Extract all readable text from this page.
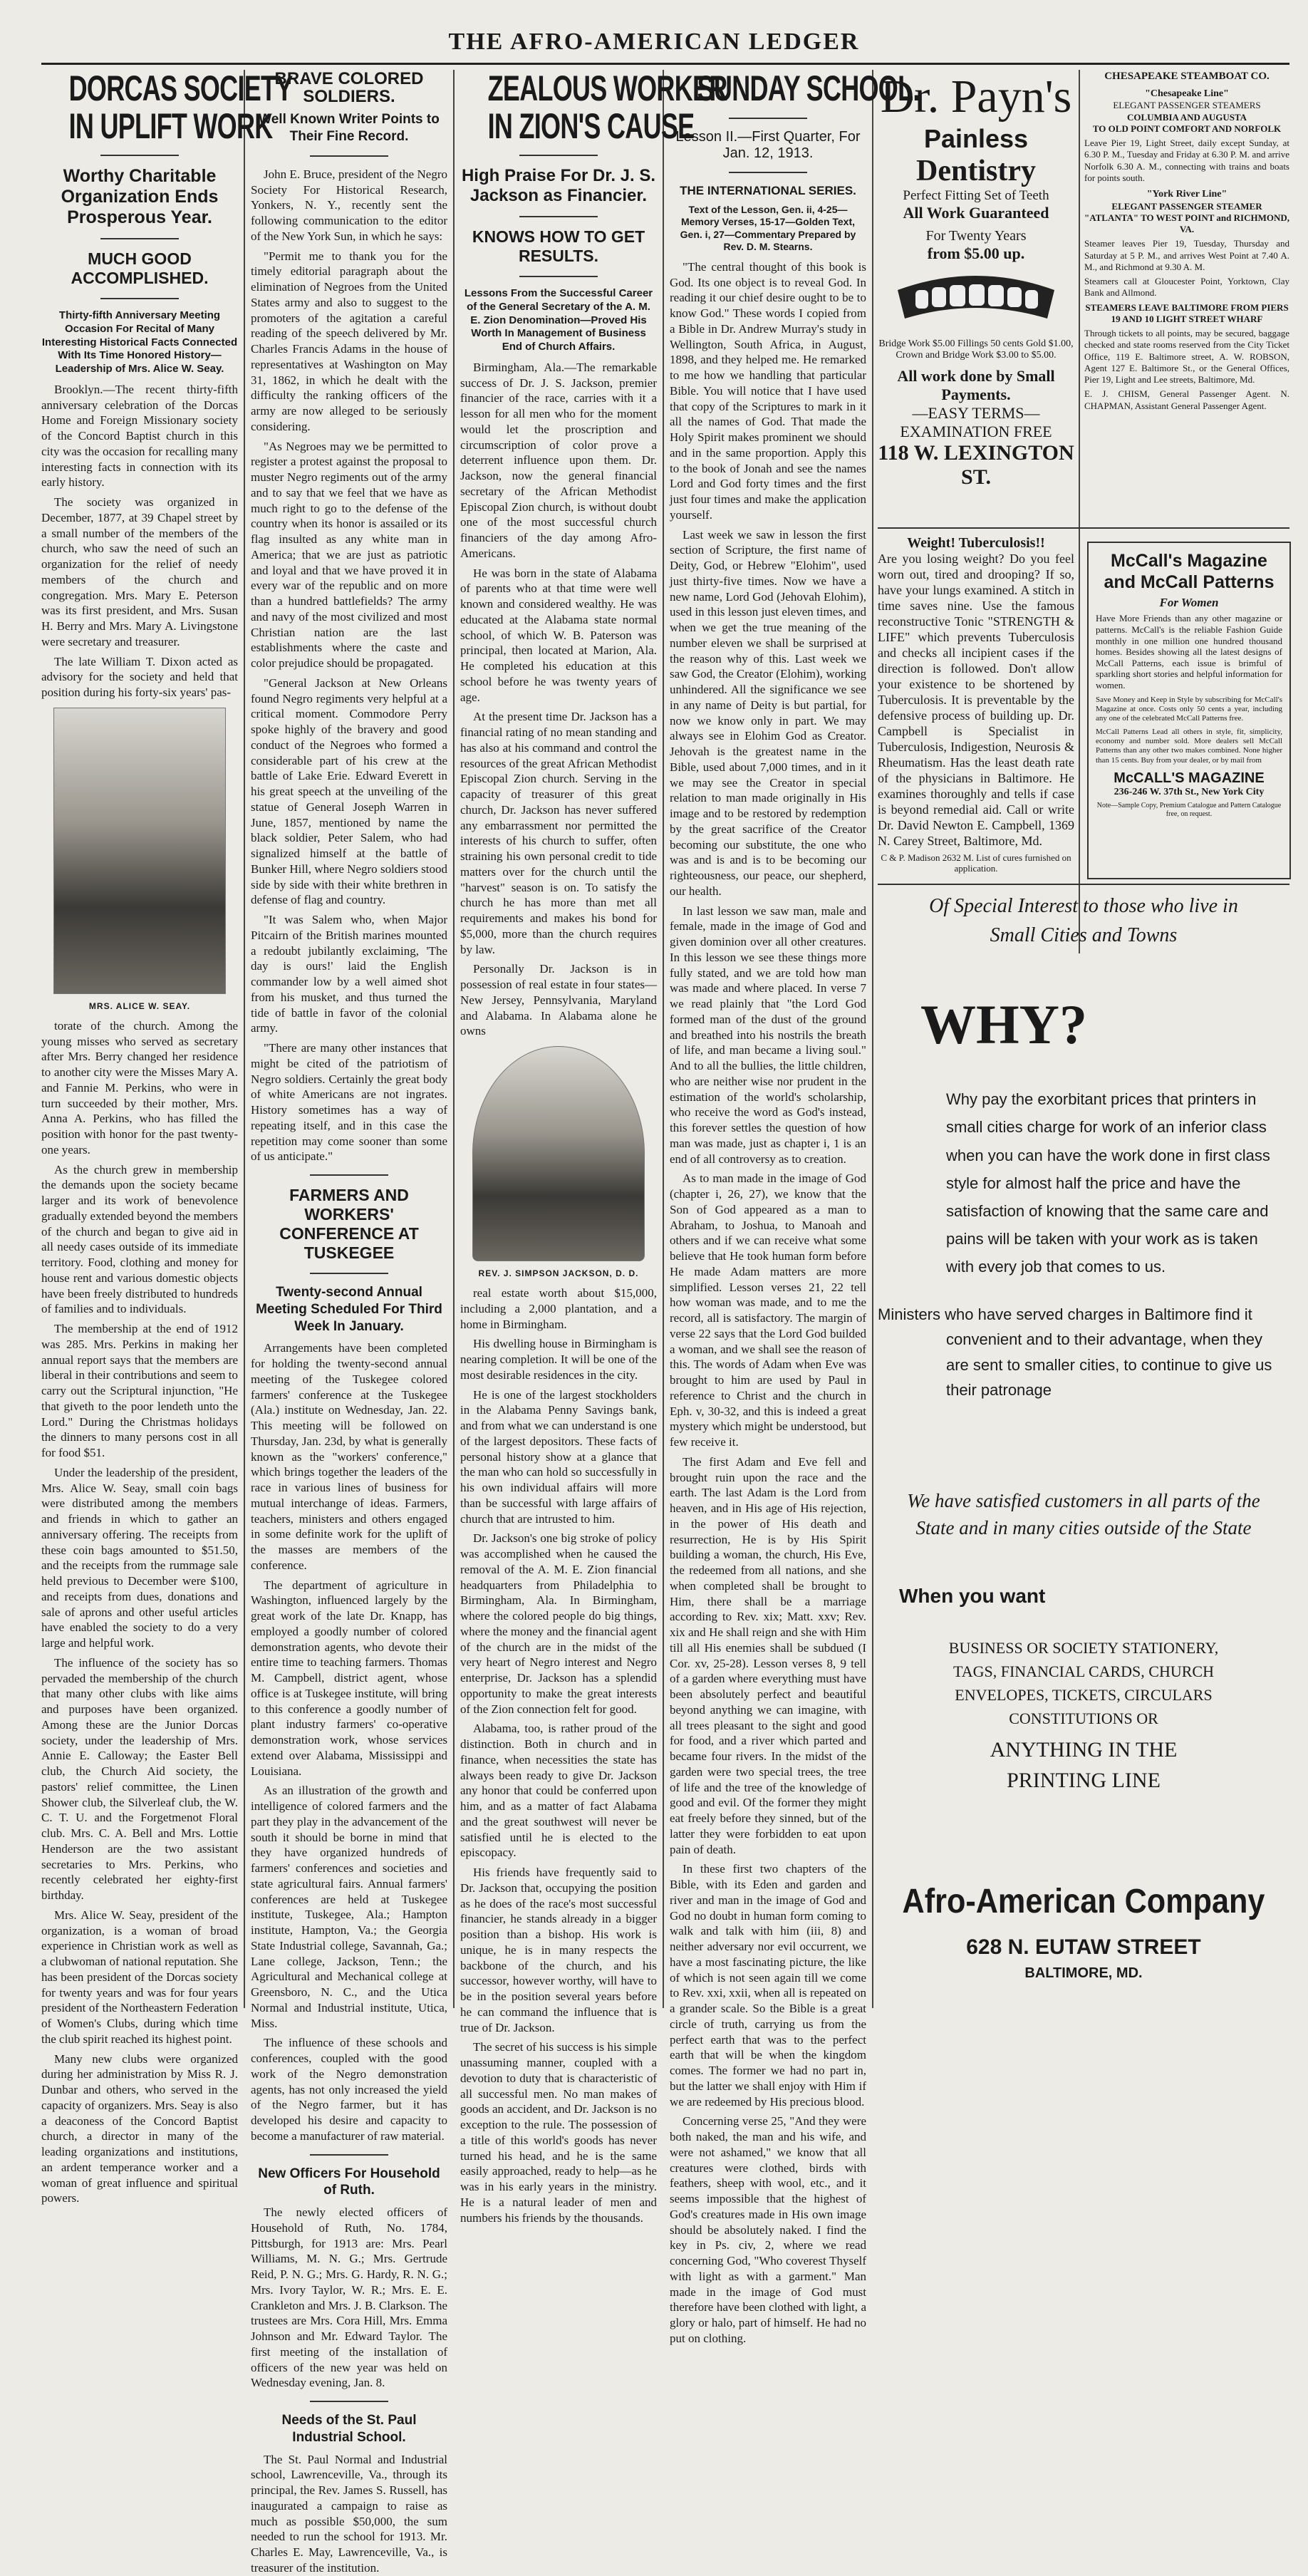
THE AFRO-AMERICAN LEDGER
DORCAS SOCIETY
IN UPLIFT WORK
Worthy Charitable Organization Ends Prosperous Year.
MUCH GOOD ACCOMPLISHED.
Thirty-fifth Anniversary Meeting Occasion For Recital of Many Interesting Historical Facts Connected With Its Time Honored History—Leadership of Mrs. Alice W. Seay.

Brooklyn.—The recent thirty-fifth anniversary celebration of the Dorcas Home and Foreign Missionary society of the Concord Baptist church in this city was the occasion for recalling many interesting facts in connection with its early history.

The society was organized in December, 1877, at 39 Chapel street by a small number of the members of the church, who saw the need of such an organization for the relief of needy members of the church and congregation. Mrs. Mary E. Peterson was its first president, and Mrs. Susan H. Berry and Mrs. Mary A. Livingstone were secretary and treasurer.

The late William T. Dixon acted as advisory for the society and held that position during his forty-six years' pas-

MRS. ALICE W. SEAY.

torate of the church. Among the young misses who served as secretary after Mrs. Berry changed her residence to another city were the Misses Mary A. and Fannie M. Perkins, who were in turn succeeded by their mother, Mrs. Anna A. Perkins, who has filled the position with honor for the past twenty-one years.

As the church grew in membership the demands upon the society became larger and its work of benevolence gradually extended beyond the members of the church and began to give aid in all needy cases outside of its immediate territory. Food, clothing and money for house rent and various domestic objects have been freely distributed to hundreds of families and to individuals.

The membership at the end of 1912 was 285. Mrs. Perkins in making her annual report says that the members are liberal in their contributions and seem to carry out the Scriptural injunction, "He that giveth to the poor lendeth unto the Lord." During the Christmas holidays the dinners to many persons cost in all for food $51.

Under the leadership of the president, Mrs. Alice W. Seay, small coin bags were distributed among the members and friends in which to gather an anniversary offering. The receipts from these coin bags amounted to $51.50, and the receipts from the rummage sale held previous to December were $100, and receipts from dues, donations and sale of aprons and other useful articles have enabled the society to do a very large and helpful work.

The influence of the society has so pervaded the membership of the church that many other clubs with like aims and purposes have been organized. Among these are the Junior Dorcas society, under the leadership of Mrs. Annie E. Calloway; the Easter Bell club, the Church Aid society, the pastors' relief committee, the Linen Shower club, the Silverleaf club, the W. C. T. U. and the Forgetmenot Floral club. Mrs. C. A. Bell and Mrs. Lottie Henderson are the two assistant secretaries to Mrs. Perkins, who recently celebrated her eighty-first birthday.

Mrs. Alice W. Seay, president of the organization, is a woman of broad experience in Christian work as well as a clubwoman of national reputation. She has been president of the Dorcas society for twenty years and was for four years president of the Northeastern Federation of Women's Clubs, during which time the club spirit reached its highest point.

Many new clubs were organized during her administration by Miss R. J. Dunbar and others, who served in the capacity of organizers. Mrs. Seay is also a deaconess of the Concord Baptist church, a director in many of the leading organizations and institutions, an ardent temperance worker and a woman of great influence and spiritual powers.

BRAVE COLORED SOLDIERS.
Well Known Writer Points to Their Fine Record.

John E. Bruce, president of the Negro Society For Historical Research, Yonkers, N. Y., recently sent the following communication to the editor of the New York Sun, in which he says:

"Permit me to thank you for the timely editorial paragraph about the elimination of Negroes from the United States army and also to suggest to the promoters of the agitation a careful reading of the speech delivered by Mr. Charles Francis Adams in the house of representatives at Washington on May 31, 1862, in which he dealt with the difficulty the ranking officers of the army are now alleged to be seriously considering.

"As Negroes may we be permitted to register a protest against the proposal to muster Negro regiments out of the army and to say that we feel that we have as much right to go to the defense of the country when its honor is assailed or its flag insulted as any white man in America; that we are just as patriotic and loyal and that we have proved it in every war of the republic and on more than a hundred battlefields? The army and navy of the most civilized and most Christian nation are the last establishments where the caste and color prejudice should be propagated.

"General Jackson at New Orleans found Negro regiments very helpful at a critical moment. Commodore Perry spoke highly of the bravery and good conduct of the Negroes who formed a considerable part of his crew at the battle of Lake Erie. Edward Everett in his great speech at the unveiling of the statue of General Joseph Warren in June, 1857, mentioned by name the black soldier, Peter Salem, who had signalized himself at the battle of Bunker Hill, where Negro soldiers stood side by side with their white brethren in defense of flag and country.

"It was Salem who, when Major Pitcairn of the British marines mounted a redoubt jubilantly exclaiming, 'The day is ours!' laid the English commander low by a well aimed shot from his musket, and thus turned the tide of battle in favor of the colonial army.

"There are many other instances that might be cited of the patriotism of Negro soldiers. Certainly the great body of white Americans are not ingrates. History sometimes has a way of repeating itself, and in this case the repetition may come sooner than some of us anticipate."

FARMERS AND WORKERS' CONFERENCE AT TUSKEGEE
Twenty-second Annual Meeting Scheduled For Third Week In January.

Arrangements have been completed for holding the twenty-second annual meeting of the Tuskegee colored farmers' conference at the Tuskegee (Ala.) institute on Wednesday, Jan. 22. This meeting will be followed on Thursday, Jan. 23d, by what is generally known as the "workers' conference," which brings together the leaders of the race in various lines of business for mutual interchange of ideas. Farmers, teachers, ministers and others engaged in some definite work for the uplift of the masses are members of the conference.

The department of agriculture in Washington, influenced largely by the great work of the late Dr. Knapp, has employed a goodly number of colored demonstration agents, who devote their entire time to teaching farmers. Thomas M. Campbell, district agent, whose office is at Tuskegee institute, will bring to this conference a goodly number of plant industry farmers' co-operative demonstration work, whose services extend over Alabama, Mississippi and Louisiana.

As an illustration of the growth and intelligence of colored farmers and the part they play in the advancement of the south it should be borne in mind that they have organized hundreds of farmers' conferences and societies and state agricultural fairs. Annual farmers' conferences are held at Tuskegee institute, Tuskegee, Ala.; Hampton institute, Hampton, Va.; the Georgia State Industrial college, Savannah, Ga.; Lane college, Jackson, Tenn.; the Agricultural and Mechanical college at Greensboro, N. C., and the Utica Normal and Industrial institute, Utica, Miss.

The influence of these schools and conferences, coupled with the good work of the Negro demonstration agents, has not only increased the yield of the Negro farmer, but it has developed his desire and capacity to become a manufacturer of raw material.

New Officers For Household of Ruth.

The newly elected officers of Household of Ruth, No. 1784, Pittsburgh, for 1913 are: Mrs. Pearl Williams, M. N. G.; Mrs. Gertrude Reid, P. N. G.; Mrs. G. Hardy, R. N. G.; Mrs. Ivory Taylor, W. R.; Mrs. E. E. Crankleton and Mrs. J. B. Clarkson. The trustees are Mrs. Cora Hill, Mrs. Emma Johnson and Mr. Edward Taylor. The first meeting of the installation of officers of the new year was held on Wednesday evening, Jan. 8.

Needs of the St. Paul Industrial School.

The St. Paul Normal and Industrial school, Lawrenceville, Va., through its principal, the Rev. James S. Russell, has inaugurated a campaign to raise as much as possible $50,000, the sum needed to run the school for 1913. Mr. Charles E. May, Lawrenceville, Va., is treasurer of the institution.

ZEALOUS WORKER
IN ZION'S CAUSE
High Praise For Dr. J. S. Jackson as Financier.
KNOWS HOW TO GET RESULTS.
Lessons From the Successful Career of the General Secretary of the A. M. E. Zion Denomination—Proved His Worth In Management of Business End of Church Affairs.

Birmingham, Ala.—The remarkable success of Dr. J. S. Jackson, premier financier of the race, carries with it a lesson for all men who for the moment would let the proscription and circumscription of color prove a deterrent influence upon them. Dr. Jackson, now the general financial secretary of the African Methodist Episcopal Zion church, is without doubt one of the most successful church financiers of the day among Afro-Americans.

He was born in the state of Alabama of parents who at that time were well known and considered wealthy. He was educated at the Alabama state normal school, of which W. B. Paterson was principal, then located at Marion, Ala. He completed his education at this school before he was twenty years of age.

At the present time Dr. Jackson has a financial rating of no mean standing and has also at his command and control the resources of the great African Methodist Episcopal Zion church. Serving in the capacity of treasurer of this great church, Dr. Jackson has never suffered any embarrassment nor permitted the interests of his church to suffer, often straining his own personal credit to tide matters over for the church until the "harvest" season is on. To satisfy the church he has more than met all requirements and makes his bond for $5,000, more than the church requires by law.

Personally Dr. Jackson is in possession of real estate in four states—New Jersey, Pennsylvania, Maryland and Alabama. In Alabama alone he owns

REV. J. SIMPSON JACKSON, D. D.

real estate worth about $15,000, including a 2,000 plantation, and a home in Birmingham.

His dwelling house in Birmingham is nearing completion. It will be one of the most desirable residences in the city.

He is one of the largest stockholders in the Alabama Penny Savings bank, and from what we can understand is one of the largest depositors. These facts of personal history show at a glance that the man who can hold so successfully in his own individual affairs will more than be successful with large affairs of church that are intrusted to him.

Dr. Jackson's one big stroke of policy was accomplished when he caused the removal of the A. M. E. Zion financial headquarters from Philadelphia to Birmingham, Ala. In Birmingham, where the colored people do big things, where the money and the financial agent of the church are in the midst of the very heart of Negro interest and Negro enterprise, Dr. Jackson has a splendid opportunity to make the great interests of the Zion connection felt for good.

Alabama, too, is rather proud of the distinction. Both in church and in finance, when necessities the state has always been ready to give Dr. Jackson any honor that could be conferred upon him, and as a matter of fact Alabama and the great southwest will never be satisfied until he is elected to the episcopacy.

His friends have frequently said to Dr. Jackson that, occupying the position as he does of the race's most successful financier, he stands already in a bigger position than a bishop. His work is unique, he is in many respects the backbone of the church, and his successor, however worthy, will have to be in the position several years before he can command the influence that is true of Dr. Jackson.

The secret of his success is his simple unassuming manner, coupled with a devotion to duty that is characteristic of all successful men. No man makes of goods an accident, and Dr. Jackson is no exception to the rule. The possession of a title of this world's goods has never turned his head, and he is the same easily approached, ready to help—as he was in his early years in the ministry. He is a natural leader of men and numbers his friends by the thousands.

SUNDAY SCHOOL.
Lesson II.—First Quarter, For Jan. 12, 1913.
THE INTERNATIONAL SERIES.
Text of the Lesson, Gen. ii, 4-25—Memory Verses, 15-17—Golden Text, Gen. i, 27—Commentary Prepared by Rev. D. M. Stearns.

"The central thought of this book is God. Its one object is to reveal God. In reading it our chief desire ought to be to know God." These words I copied from a Bible in Dr. Andrew Murray's study in Wellington, South Africa, in August, 1898, and they helped me. He remarked to me how we handling that particular Bible. You will notice that I have used that copy of the Scriptures to mark in it all the names of God. That made the Holy Spirit makes prominent we should and in the same proportion. Apply this to the book of Jonah and see the names Lord and God forty times and the first just four times and make the application yourself.

Last week we saw in lesson the first section of Scripture, the first name of Deity, God, or Hebrew "Elohim", used just thirty-five times. Now we have a new name, Lord God (Jehovah Elohim), used in this lesson just eleven times, and when we get the true meaning of the number eleven we shall be surprised at the reason why of this. Last week we saw God, the Creator (Elohim), working unhindered. All the significance we see in any name of Deity is but partial, for now we know only in part. We may always see in Elohim God as Creator. Jehovah is the greatest name in the Bible, used about 7,000 times, and in it we may see the Creator in special relation to man made originally in His image and to be restored by redemption by the great sacrifice of the Creator becoming our substitute, the one who was and is and is to be becoming our righteousness, our peace, our shepherd, our health.

In last lesson we saw man, male and female, made in the image of God and given dominion over all other creatures. In this lesson we see these things more fully stated, and we are told how man was made and where placed. In verse 7 we read plainly that "the Lord God formed man of the dust of the ground and breathed into his nostrils the breath of life, and man became a living soul." And to all the bullies, the little children, who are neither wise nor prudent in the estimation of the world's scholarship, who receive the word as God's instead, this forever settles the question of how man was made, just as chapter i, 1 is an end of all controversy as to creation.

As to man made in the image of God (chapter i, 26, 27), we know that the Son of God appeared as a man to Abraham, to Joshua, to Manoah and others and if we can receive what some believe that He took human form before He made Adam matters are more simplified. Lesson verses 21, 22 tell how woman was made, and to me the record, all is satisfactory. The margin of verse 22 says that the Lord God builded a woman, and we shall see the reason of this. The words of Adam when Eve was brought to him are used by Paul in reference to Christ and the church in Eph. v, 30-32, and this is indeed a great mystery which might be understood, but few receive it.

The first Adam and Eve fell and brought ruin upon the race and the earth. The last Adam is the Lord from heaven, and in His age of His rejection, in the power of His death and resurrection, He is by His Spirit building a woman, the church, His Eve, the redeemed from all nations, and she when completed shall be brought to Him, there shall be a marriage according to Rev. xix; Matt. xxv; Rev. xix and He shall reign and she with Him till all His enemies shall be subdued (I Cor. xv, 25-28). Lesson verses 8, 9 tell of a garden where everything must have been absolutely perfect and beautiful beyond anything we can imagine, with all trees pleasant to the sight and good for food, and a river which parted and became four rivers. In the midst of the garden were two special trees, the tree of life and the tree of the knowledge of good and evil. Of the former they might eat freely before they sinned, but of the latter they were forbidden to eat upon pain of death.

In these first two chapters of the Bible, with its Eden and garden and river and man in the image of God and God no doubt in human form coming to walk and talk with him (iii, 8) and neither adversary nor evil occurrent, we have a most fascinating picture, the like of which is not seen again till we come to Rev. xxi, xxii, when all is repeated on a grander scale. So the Bible is a great circle of truth, carrying us from the perfect earth that was to the perfect earth that will be when the kingdom comes. The former we had no part in, but the latter we shall enjoy with Him if we are redeemed by His precious blood.

Concerning verse 25, "And they were both naked, the man and his wife, and were not ashamed," we know that all creatures were clothed, birds with feathers, sheep with wool, etc., and it seems impossible that the highest of God's creatures made in His own image should be absolutely naked. I find the key in Ps. civ, 2, where we read concerning God, "Who coverest Thyself with light as with a garment." Man made in the image of God must therefore have been clothed with light, a glory or halo, part of himself. He had no put on clothing.

Dr. Payn's
Painless
Dentistry
Perfect Fitting Set of Teeth
All Work Guaranteed
For Twenty Years
from $5.00 up.
Bridge Work $5.00 Fillings 50 cents Gold $1.00, Crown and Bridge Work $3.00 to $5.00.
All work done by Small Payments.
—EASY TERMS—
EXAMINATION FREE
118 W. LEXINGTON ST.
CHESAPEAKE STEAMBOAT CO.
"Chesapeake Line"
ELEGANT PASSENGER STEAMERS
COLUMBIA AND AUGUSTA
TO OLD POINT COMFORT AND NORFOLK
Leave Pier 19, Light Street, daily except Sunday, at 6.30 P. M., Tuesday and Friday at 6.30 P. M. and arrive Norfolk 6.30 A. M., connecting with trains and boats for points south.
"York River Line"
ELEGANT PASSENGER STEAMER "ATLANTA" TO WEST POINT and RICHMOND, VA.
Steamer leaves Pier 19, Tuesday, Thursday and Saturday at 5 P. M., and arrives West Point at 7.40 A. M., and Richmond at 9.30 A. M.
Steamers call at Gloucester Point, Yorktown, Clay Bank and Allmond.
STEAMERS LEAVE BALTIMORE FROM PIERS 19 AND 10 LIGHT STREET WHARF
Through tickets to all points, may be secured, baggage checked and state rooms reserved from the City Ticket Office, 119 E. Baltimore street, A. W. ROBSON, Agent 127 E. Baltimore St., or the General Offices, Pier 19, Light and Lee streets, Baltimore, Md.
E. J. CHISM, General Passenger Agent. N. CHAPMAN, Assistant General Passenger Agent.
Weight! Tuberculosis!!
Are you losing weight? Do you feel worn out, tired and drooping? If so, have your lungs examined. A stitch in time saves nine. Use the famous reconstructive Tonic "STRENGTH & LIFE" which prevents Tuberculosis and checks all incipient cases if the direction is followed. Don't allow your existence to be shortened by Tuberculosis. It is preventable by the defensive process of building up. Dr. Campbell is Specialist in Tuberculosis, Indigestion, Neurosis & Rheumatism. Has the least death rate of the physicians in Baltimore. He examines thoroughly and tells if case is beyond remedial aid. Call or write Dr. David Newton E. Campbell, 1369 N. Carey Street, Baltimore, Md.
C & P. Madison 2632 M. List of cures furnished on application.
McCall's Magazine
and McCall Patterns
For Women
Have More Friends than any other magazine or patterns. McCall's is the reliable Fashion Guide monthly in one million one hundred thousand homes. Besides showing all the latest designs of McCall Patterns, each issue is brimful of sparkling short stories and helpful information for women.
Save Money and Keep in Style by subscribing for McCall's Magazine at once. Costs only 50 cents a year, including any one of the celebrated McCall Patterns free.
McCall Patterns Lead all others in style, fit, simplicity, economy and number sold. More dealers sell McCall Patterns than any other two makes combined. None higher than 15 cents. Buy from your dealer, or by mail from
McCALL'S MAGAZINE
236-246 W. 37th St., New York City
Note—Sample Copy, Premium Catalogue and Pattern Catalogue free, on request.
Of Special Interest to those who live in Small Cities and Towns
WHY?
Why pay the exorbitant prices that printers in small cities charge for work of an inferior class when you can have the work done in first class style for almost half the price and have the satisfaction of knowing that the same care and pains will be taken with your work as is taken with every job that comes to us.
Ministers who have served charges in Baltimore find it convenient and to their advantage, when they are sent to smaller cities, to continue to give us their patronage
We have satisfied customers in all parts of the State and in many cities outside of the State
When you want
BUSINESS OR SOCIETY STATIONERY, TAGS, FINANCIAL CARDS, CHURCH ENVELOPES, TICKETS, CIRCULARS CONSTITUTIONS OR
ANYTHING IN THE PRINTING LINE
Afro-American Company
628 N. EUTAW STREET
BALTIMORE, MD.
